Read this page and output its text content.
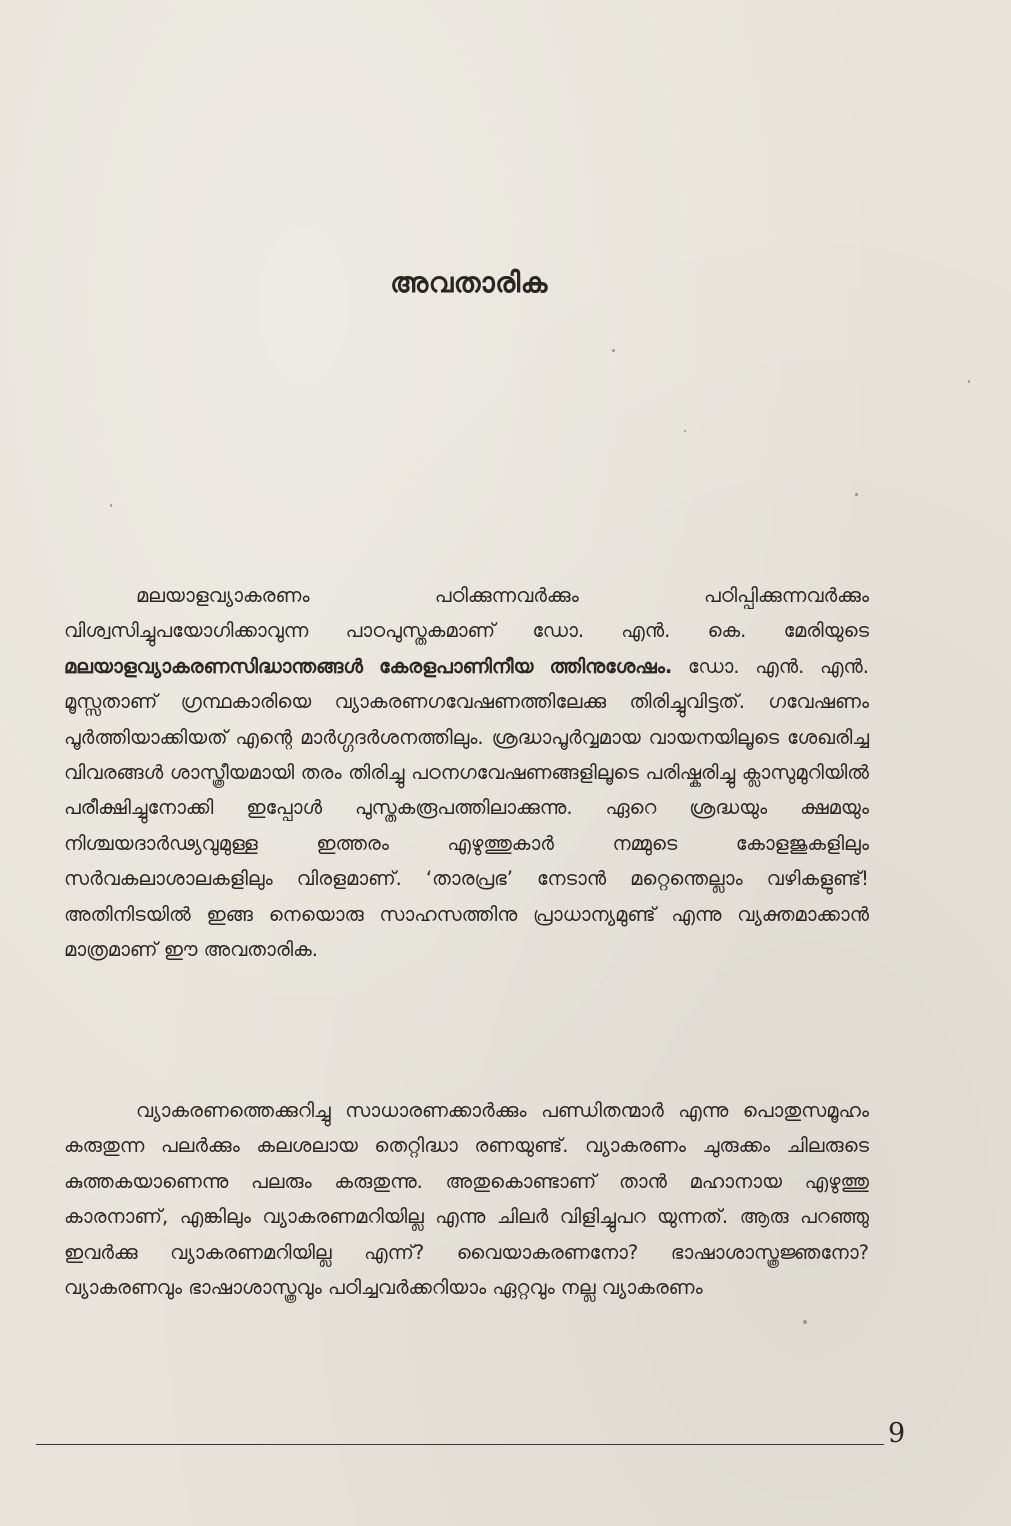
അവതാരിക

മലയാളവ്യാകരണം പഠിക്കുന്നവർക്കും പഠിപ്പിക്കുന്നവർക്കും വിശ്വസിച്ചുപയോഗിക്കാവുന്ന പാഠപുസ്തകമാണ് ഡോ. എൻ. കെ. മേരിയുടെ മലയാളവ്യാകരണസിദ്ധാന്തങ്ങൾ കേരളപാണിനീയ ത്തിനുശേഷം. ഡോ. എൻ. എൻ. മൂസ്സതാണ് ഗ്രന്ഥകാരിയെ വ്യാകരണഗവേഷണത്തിലേക്കു തിരിച്ചുവിട്ടത്. ഗവേഷണം പൂർത്തിയാക്കിയത് എന്റെ മാർഗ്ഗദർശനത്തിലും. ശ്രദ്ധാപൂർവ്വമായ വായനയിലൂടെ ശേഖരിച്ച വിവരങ്ങൾ ശാസ്ത്രീയമായി തരം തിരിച്ചു പഠനഗവേഷണങ്ങളിലൂടെ പരിഷ്കരിച്ചു ക്ലാസുമുറിയിൽ പരീക്ഷിച്ചുനോക്കി ഇപ്പോൾ പുസ്തകരൂപത്തിലാക്കുന്നു. ഏറെ ശ്രദ്ധയും ക്ഷമയും നിശ്ചയദാർഢ്യവുമുള്ള ഇത്തരം എഴുത്തുകാർ നമ്മുടെ കോളജുകളിലും സർവകലാശാലകളിലും വിരളമാണ്. ‘താരപ്രഭ’ നേടാൻ മറ്റെന്തെല്ലാം വഴികളുണ്ട്! അതിനിടയിൽ ഇങ്ങ നെയൊരു സാഹസത്തിനു പ്രാധാന്യമുണ്ട് എന്നു വ്യക്തമാക്കാൻ മാത്രമാണ് ഈ അവതാരിക.

വ്യാകരണത്തെക്കുറിച്ചു സാധാരണക്കാർക്കും പണ്ഡിതന്മാർ എന്നു പൊതുസമൂഹം കരുതുന്ന പലർക്കും കലശലായ തെറ്റിദ്ധാ രണയുണ്ട്. വ്യാകരണം ചുരുക്കം ചിലരുടെ കുത്തകയാണെന്നു പലരും കരുതുന്നു. അതുകൊണ്ടാണ് താൻ മഹാനായ എഴുത്തു കാരനാണ്, എങ്കിലും വ്യാകരണമറിയില്ല എന്നു ചിലർ വിളിച്ചുപറ യുന്നത്. ആരു പറഞ്ഞു ഇവർക്കു വ്യാകരണമറിയില്ല എന്ന്? വൈയാകരണനോ? ഭാഷാശാസ്ത്രജ്ഞനോ? വ്യാകരണവും ഭാഷാശാസ്ത്രവും പഠിച്ചവർക്കറിയാം ഏറ്റവും നല്ല വ്യാകരണം

9
